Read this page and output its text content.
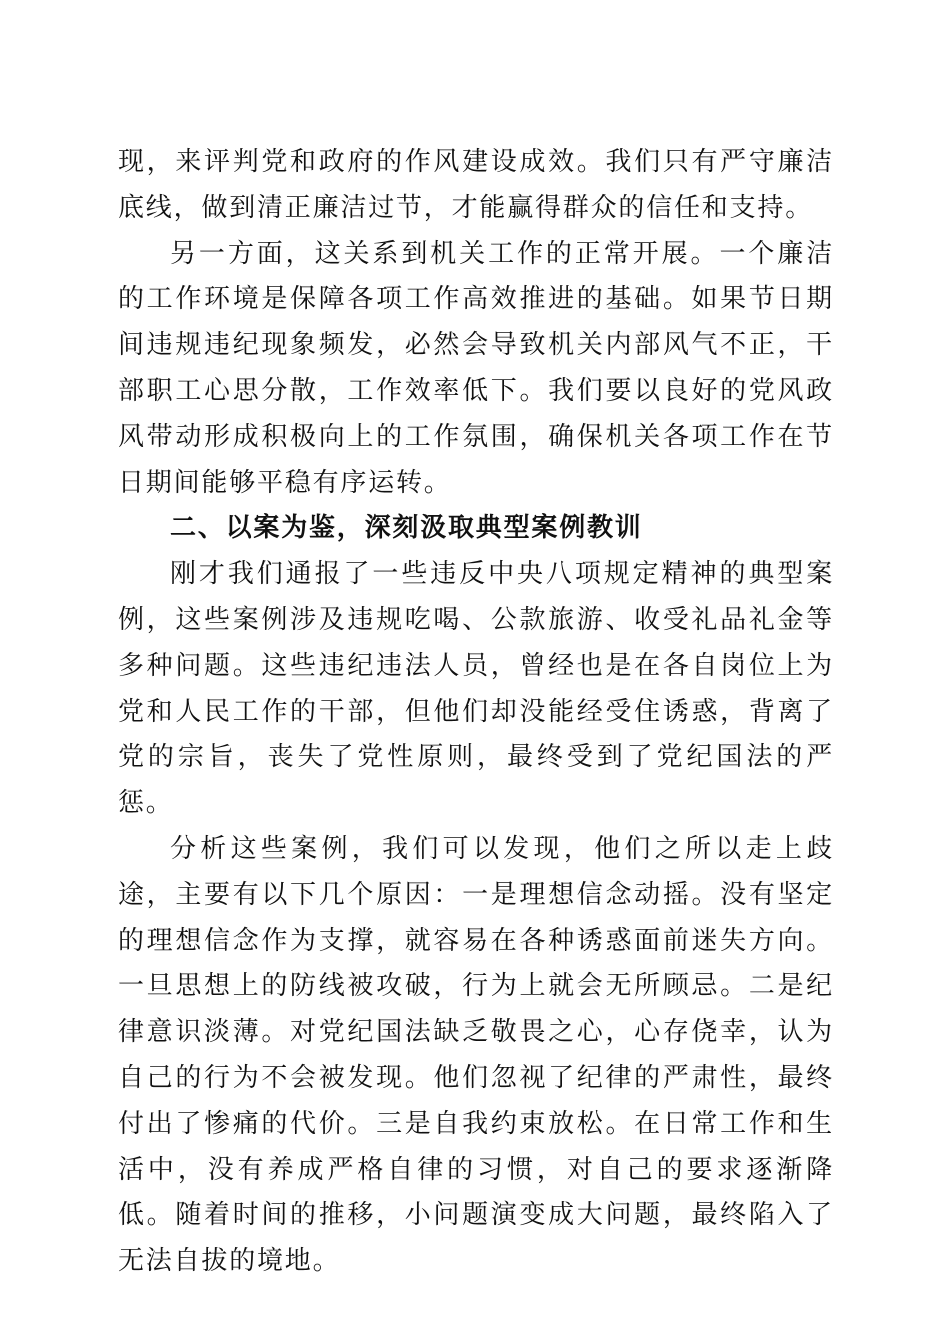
现，来评判党和政府的作风建设成效。我们只有严守廉洁底线，做到清正廉洁过节，才能赢得群众的信任和支持。

另一方面，这关系到机关工作的正常开展。一个廉洁的工作环境是保障各项工作高效推进的基础。如果节日期间违规违纪现象频发，必然会导致机关内部风气不正，干部职工心思分散，工作效率低下。我们要以良好的党风政风带动形成积极向上的工作氛围，确保机关各项工作在节日期间能够平稳有序运转。

二、以案为鉴，深刻汲取典型案例教训

刚才我们通报了一些违反中央八项规定精神的典型案例，这些案例涉及违规吃喝、公款旅游、收受礼品礼金等多种问题。这些违纪违法人员，曾经也是在各自岗位上为党和人民工作的干部，但他们却没能经受住诱惑，背离了党的宗旨，丧失了党性原则，最终受到了党纪国法的严惩。

分析这些案例，我们可以发现，他们之所以走上歧途，主要有以下几个原因：一是理想信念动摇。没有坚定的理想信念作为支撑，就容易在各种诱惑面前迷失方向。一旦思想上的防线被攻破，行为上就会无所顾忌。二是纪律意识淡薄。对党纪国法缺乏敬畏之心，心存侥幸，认为自己的行为不会被发现。他们忽视了纪律的严肃性，最终付出了惨痛的代价。三是自我约束放松。在日常工作和生活中，没有养成严格自律的习惯，对自己的要求逐渐降低。随着时间的推移，小问题演变成大问题，最终陷入了无法自拔的境地。
